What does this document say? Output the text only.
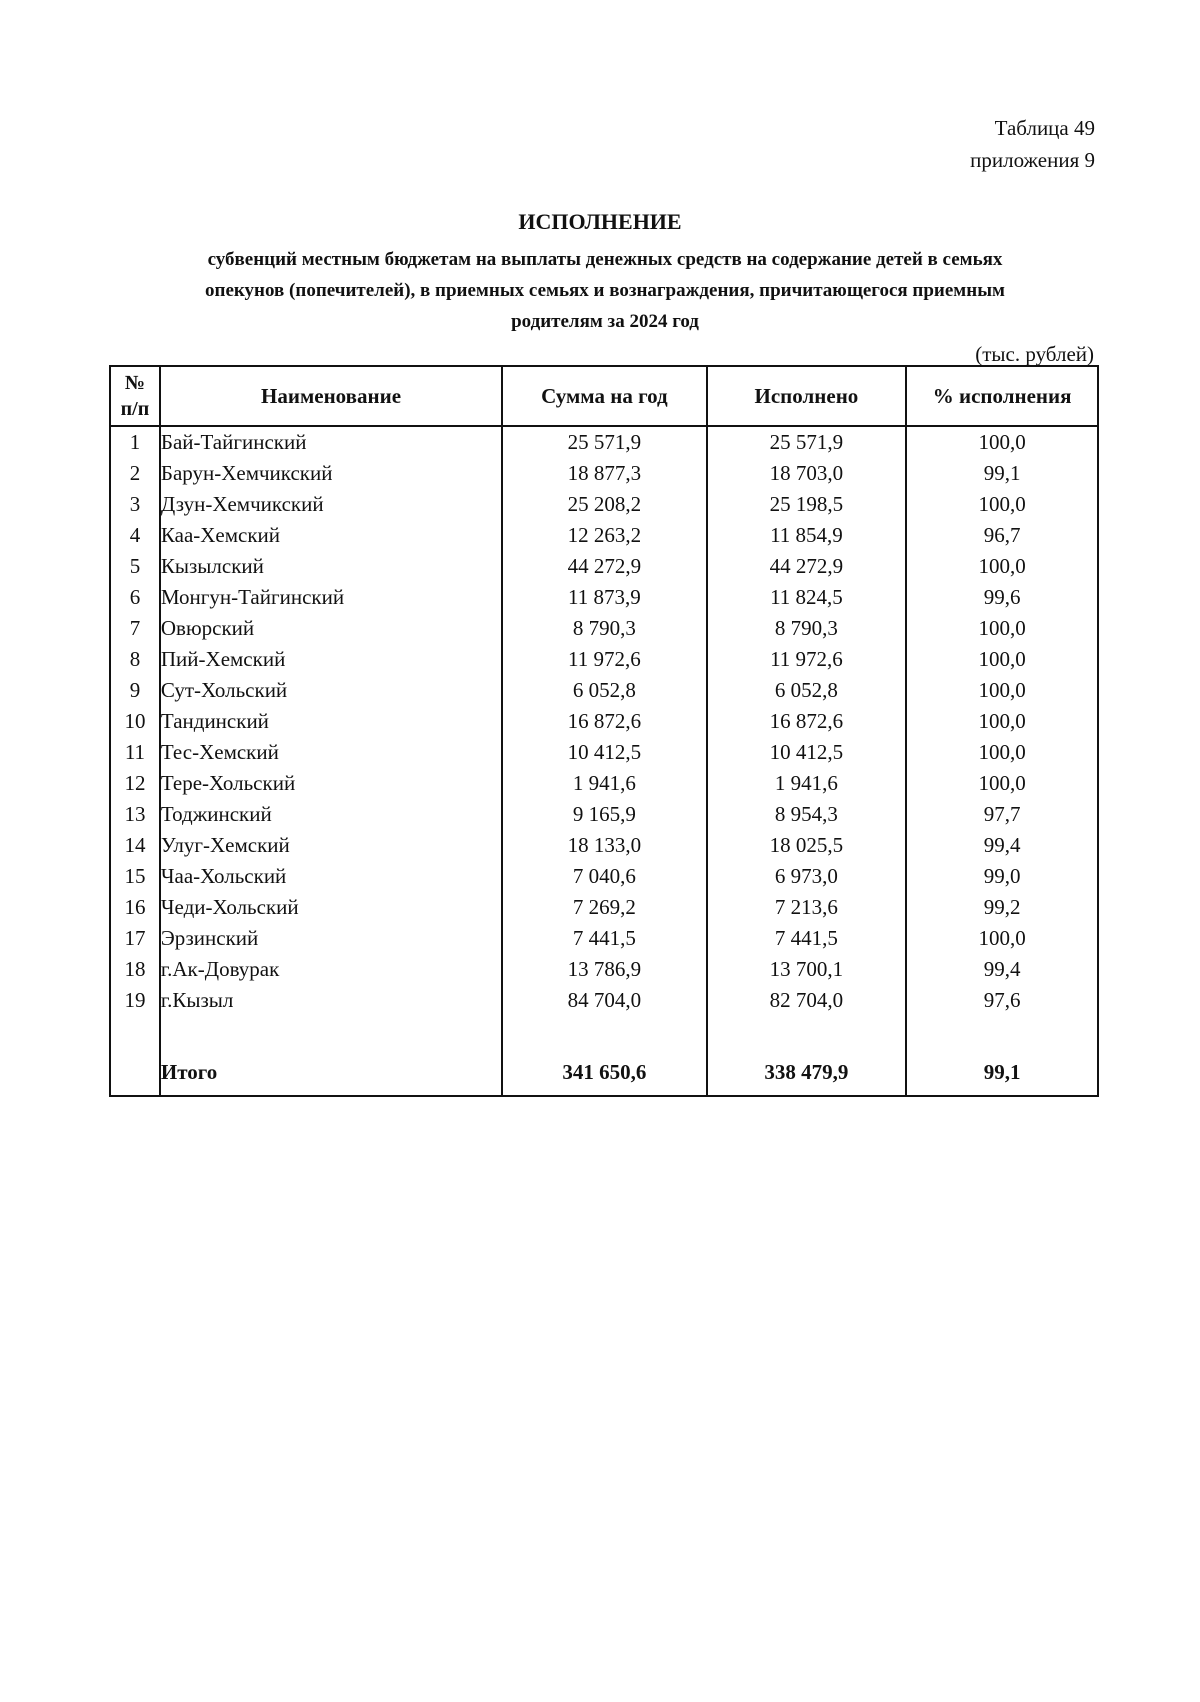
Таблица 49
приложения 9
ИСПОЛНЕНИЕ
субвенций местным бюджетам на выплаты денежных средств на содержание детей в семьях
опекунов (попечителей), в приемных семьях и вознаграждения, причитающегося приемным
родителям за 2024 год
(тыс. рублей)
№
п/п	Наименование	Сумма на год	Исполнено	% исполнения
1	Бай-Тайгинский	25 571,9	25 571,9	100,0
2	Барун-Хемчикский	18 877,3	18 703,0	99,1
3	Дзун-Хемчикский	25 208,2	25 198,5	100,0
4	Каа-Хемский	12 263,2	11 854,9	96,7
5	Кызылский	44 272,9	44 272,9	100,0
6	Монгун-Тайгинский	11 873,9	11 824,5	99,6
7	Овюрский	8 790,3	8 790,3	100,0
8	Пий-Хемский	11 972,6	11 972,6	100,0
9	Сут-Хольский	6 052,8	6 052,8	100,0
10	Тандинский	16 872,6	16 872,6	100,0
11	Тес-Хемский	10 412,5	10 412,5	100,0
12	Тере-Хольский	1 941,6	1 941,6	100,0
13	Тоджинский	9 165,9	8 954,3	97,7
14	Улуг-Хемский	18 133,0	18 025,5	99,4
15	Чаа-Хольский	7 040,6	6 973,0	99,0
16	Чеди-Хольский	7 269,2	7 213,6	99,2
17	Эрзинский	7 441,5	7 441,5	100,0
18	г.Ак-Довурак	13 786,9	13 700,1	99,4
19	г.Кызыл	84 704,0	82 704,0	97,6

	Итого	341 650,6	338 479,9	99,1
